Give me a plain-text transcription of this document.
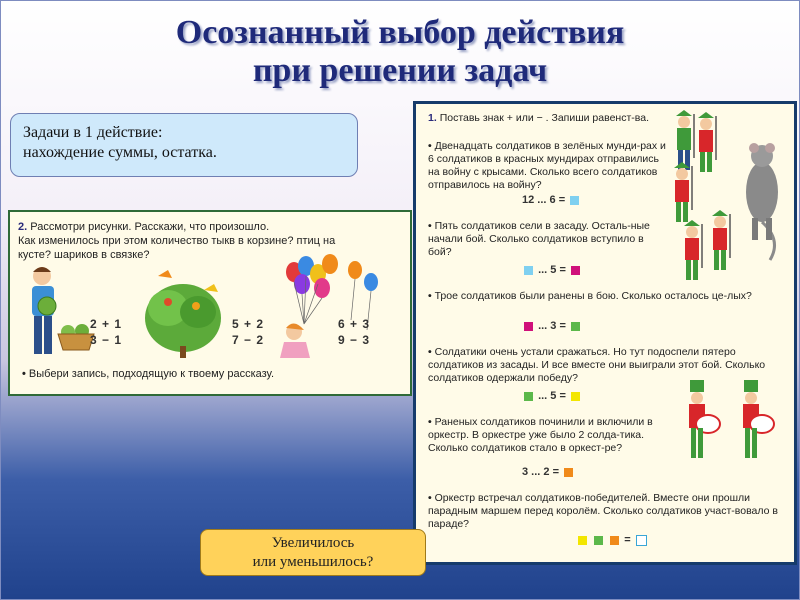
Осознанный выбор действия
при решении задач
Задачи в 1 действие:
нахождение суммы, остатка.
2. Рассмотри рисунки. Расскажи, что произошло.
Как изменилось при этом количество тыкв в корзине? птиц на
кусте? шариков в связке?
2 + 1
3 − 1
5 + 2
7 − 2
6 + 3
9 − 3
• Выбери запись, подходящую к твоему рассказу.
1. Поставь знак + или − . Запиши равенст-ва.
• Двенадцать солдатиков в зелёных мунди-рах и 6 солдатиков в красных мундирах отправились на войну с крысами. Сколько всего солдатиков отправилось на войну?
12 ... 6 =
• Пять солдатиков сели в засаду. Осталь-ные начали бой. Сколько солдатиков вступило в бой?
... 5 =
• Трое солдатиков были ранены в бою. Сколько осталось це-лых?
... 3 =
• Солдатики очень устали сражаться. Но тут подоспели пятеро солдатиков из засады. И все вместе они выиграли этот бой. Сколько солдатиков одержали победу?
... 5 =
• Раненых солдатиков починили и включили в оркестр. В оркестре уже было 2 солда-тика. Сколько солдатиков стало в оркест-ре?
3 ... 2 =
• Оркестр встречал солдатиков-победителей. Вместе они прошли парадным маршем перед королём. Сколько солдатиков участ-вовало в параде?
=
Увеличилось
или уменьшилось?
